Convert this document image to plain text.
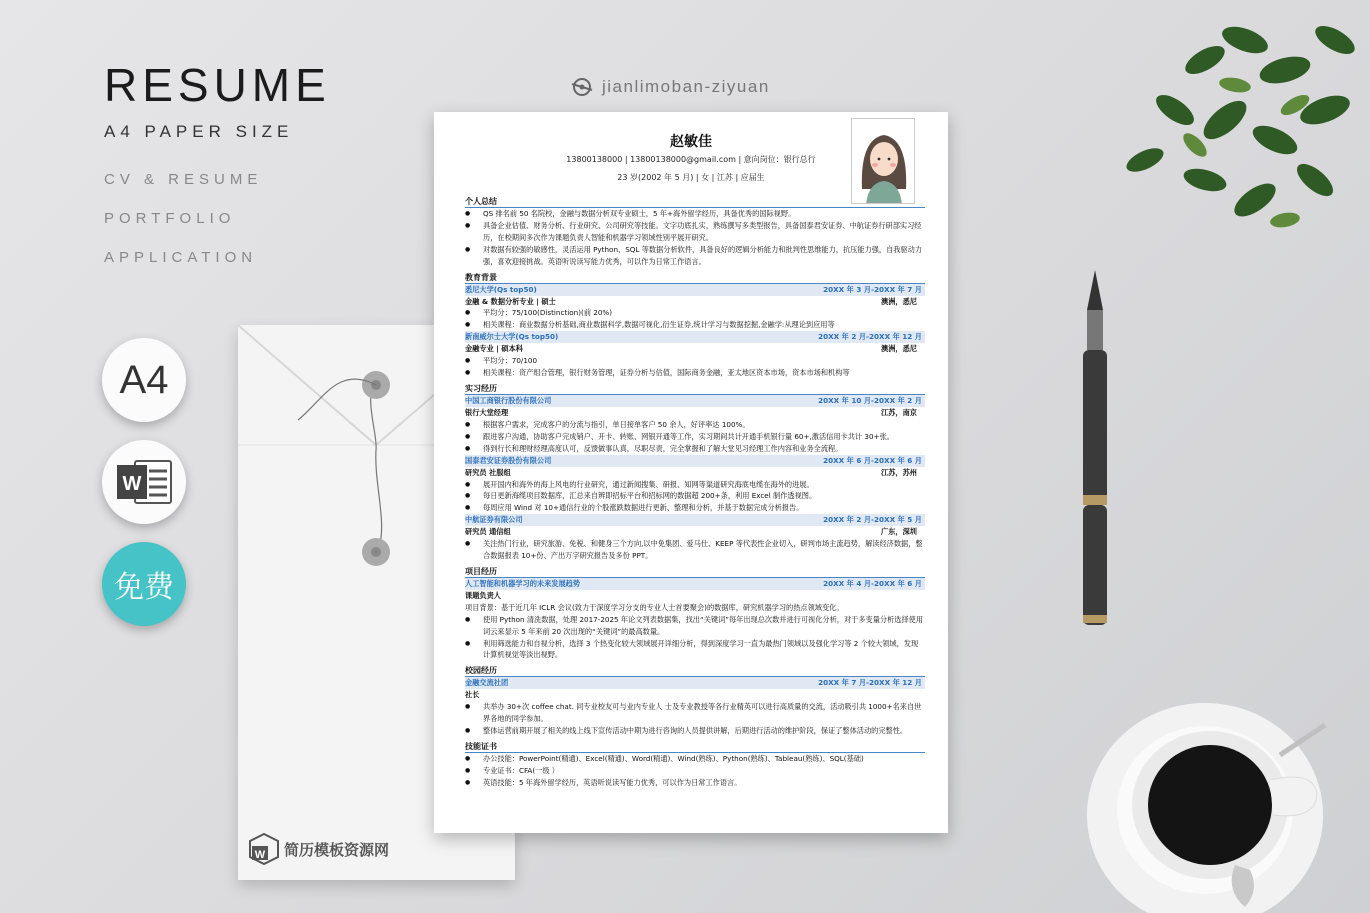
RESUME
A4 PAPER SIZE
CV & RESUME
PORTFOLIO
APPLICATION
A4
W
免费
jianlimoban-ziyuan
W 简历模板资源网
赵敏佳
13800138000 | 13800138000@gmail.com | 意向岗位：银行总行
23 岁(2002 年 5 月) | 女 | 江苏 | 应届生
个人总结
● QS 排名前 50 名院校，金融与数据分析双专业硕士，5 年+海外留学经历，具备优秀的国际视野。
● 具备企业估值、财务分析、行业研究、公司研究等技能。文字功底扎实，熟练撰写多类型报告，具备国泰君安证券、中航证券行研部实习经历，在校期间多次作为课题负责人智能和机器学习领域性别平展开研究。
● 对数据有较强的敏感性，灵活运用 Python、SQL 等数据分析软件，具备良好的逻辑分析能力和批判性思维能力，抗压能力强，自我驱动力强，喜欢迎接挑战。英语听说读写能力优秀，可以作为日常工作语言。
教育背景
悉尼大学(Qs top50)	20XX 年 3 月-20XX 年 7 月
金融 & 数据分析专业 | 硕士	澳洲，悉尼
● 平均分：75/100(Distinction)(前 20%)
● 相关课程：商业数据分析基础,商业数据科学,数据可视化,衍生证券,统计学习与数据挖掘,金融学:从理论到应用等
新南威尔士大学(Qs top50)	20XX 年 2 月-20XX 年 12 月
金融专业 | 硕本科	澳洲，悉尼
● 平均分：70/100
● 相关课程：资产组合管理，银行财务管理，证券分析与估值，国际商务金融，亚太地区资本市场，资本市场和机构等
实习经历
中国工商银行股份有限公司	20XX 年 10 月-20XX 年 2 月
银行大堂经理	江苏，南京
● 根据客户需求，完成客户的分流与指引，单日接单客户 50 余人，好评率达 100%。
● 跟进客户沟通，协助客户完成销户、开卡、转账、网银开通等工作，实习期间共计开通手机银行量 60+,激活信用卡共计 30+张。
● 得到行长和理财经理高度认可，反馈做事认真，尽职尽责，完全掌握和了解大堂见习经理工作内容和业务全流程。
国泰君安证券股份有限公司	20XX 年 6 月-20XX 年 6 月
研究员 社服组	江苏，苏州
● 展开国内和海外的海上风电的行业研究，通过新闻搜集、研报、知网等渠道研究海底电缆在海外的进展。
● 每日更新海缆项目数据库，汇总来自辨即招标平台和招标网的数据超 200+条，利用 Excel 制作透视图。
● 每周应用 Wind 对 10+通信行业的个股涨跌数据进行更新、整理和分析，并基于数据完成分析报告。
中航证券有限公司	20XX 年 2 月-20XX 年 5 月
研究员 通信组	广东，深圳
● 关注热门行业，研究旅游、免税、和健身三个方向,以中免集团、爱马仕、KEEP 等代表性企业切入，研判市场主流趋势，解读经济数据，整合数据报表 10+份、产出万字研究报告及多份 PPT。
项目经历
人工智能和机器学习的未来发展趋势	20XX 年 4 月-20XX 年 6 月
课题负责人
项目背景：基于近几年 ICLR 会议(致力于深度学习分支的专业人士首要聚会)的数据库，研究机器学习的热点领域变化。
● 使用 Python 清洗数据，处理 2017-2025 年论文列表数据集，找出“关键词”每年出现总次数并进行可视化分析，对于多变量分析选择使用词云来显示 5 年来前 20 次出现的“关键词”的最高数量。
● 利用筛选能力和自视分析，选择 3 个热变化较大领域展开详细分析，得到深度学习一直为最热门领域以及强化学习等 2 个较大领域，发现计算机视觉等淡出视野。
校园经历
金融交流社团	20XX 年 7 月-20XX 年 12 月
社长
● 共举办 30+次 coffee chat. 同专业校友可与业内专业人 士及专业教授等各行业精英可以进行高质量的交流，活动吸引共 1000+名来自世界各地的同学参加。
● 整体运营前期开展了相关的线上线下宣传活动中期为进行咨询的人员提供讲解，后期进行活动的维护阶段，保证了整体活动的完整性。
技能证书
● 办公技能：PowerPoint(精通)、Excel(精通)、Word(精通)、Wind(熟练)、Python(熟练)、Tableau(熟练)、SQL(基础)
● 专业证书：CFA(一级 ）
● 英语技能：5 年海外留学经历，英语听说读写能力优秀，可以作为日常工作语言。
